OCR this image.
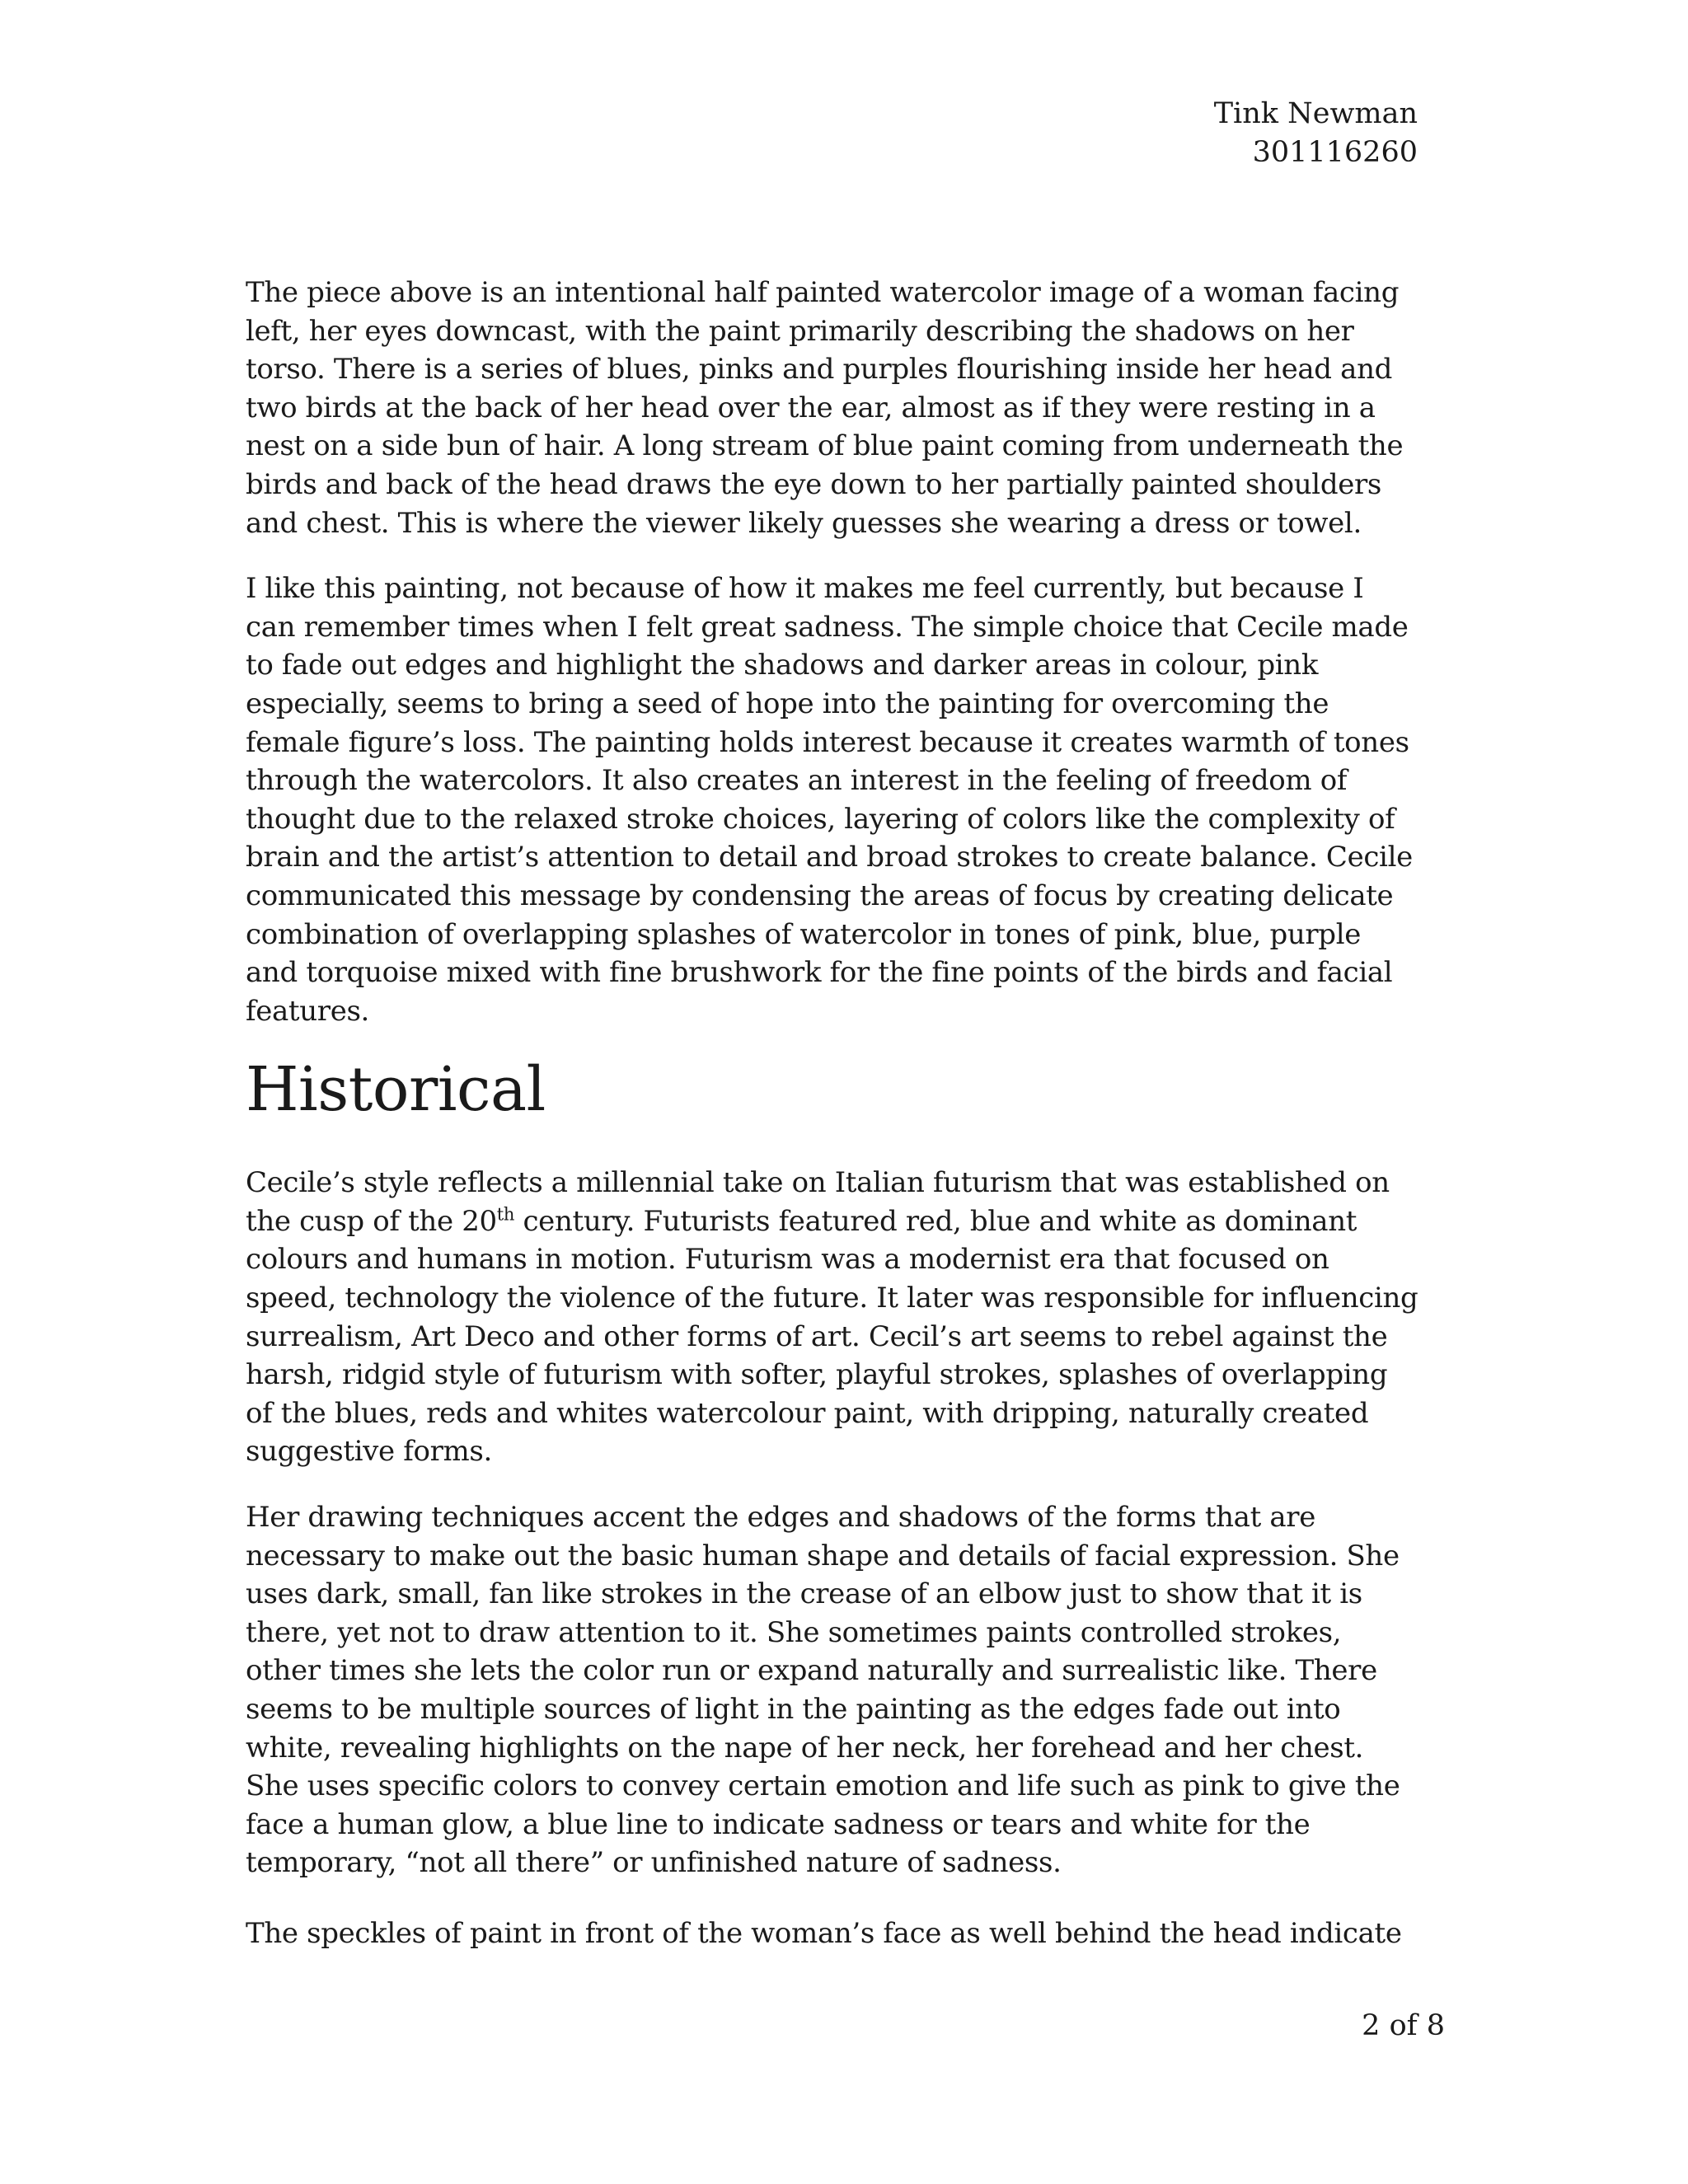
Tink Newman
301116260

The piece above is an intentional half painted watercolor image of a woman facing left, her eyes downcast, with the paint primarily describing the shadows on her torso. There is a series of blues, pinks and purples flourishing inside her head and two birds at the back of her head over the ear, almost as if they were resting in a nest on a side bun of hair. A long stream of blue paint coming from underneath the birds and back of the head draws the eye down to her partially painted shoulders and chest. This is where the viewer likely guesses she wearing a dress or towel.

I like this painting, not because of how it makes me feel currently, but because I can remember times when I felt great sadness. The simple choice that Cecile made to fade out edges and highlight the shadows and darker areas in colour, pink especially, seems to bring a seed of hope into the painting for overcoming the female figure’s loss. The painting holds interest because it creates warmth of tones through the watercolors. It also creates an interest in the feeling of freedom of thought due to the relaxed stroke choices, layering of colors like the complexity of brain and the artist’s attention to detail and broad strokes to create balance. Cecile communicated this message by condensing the areas of focus by creating delicate combination of overlapping splashes of watercolor in tones of pink, blue, purple and torquoise mixed with fine brushwork for the fine points of the birds and facial features.

Historical

Cecile’s style reflects a millennial take on Italian futurism that was established on the cusp of the 20th century. Futurists featured red, blue and white as dominant colours and humans in motion. Futurism was a modernist era that focused on speed, technology the violence of the future. It later was responsible for influencing surrealism, Art Deco and other forms of art. Cecil’s art seems to rebel against the harsh, ridgid style of futurism with softer, playful strokes, splashes of overlapping of the blues, reds and whites watercolour paint, with dripping, naturally created suggestive forms.

Her drawing techniques accent the edges and shadows of the forms that are necessary to make out the basic human shape and details of facial expression. She uses dark, small, fan like strokes in the crease of an elbow just to show that it is there, yet not to draw attention to it. She sometimes paints controlled strokes, other times she lets the color run or expand naturally and surrealistic like. There seems to be multiple sources of light in the painting as the edges fade out into white, revealing highlights on the nape of her neck, her forehead and her chest. She uses specific colors to convey certain emotion and life such as pink to give the face a human glow, a blue line to indicate sadness or tears and white for the temporary, “not all there” or unfinished nature of sadness.

The speckles of paint in front of the woman’s face as well behind the head indicate

2 of 8
